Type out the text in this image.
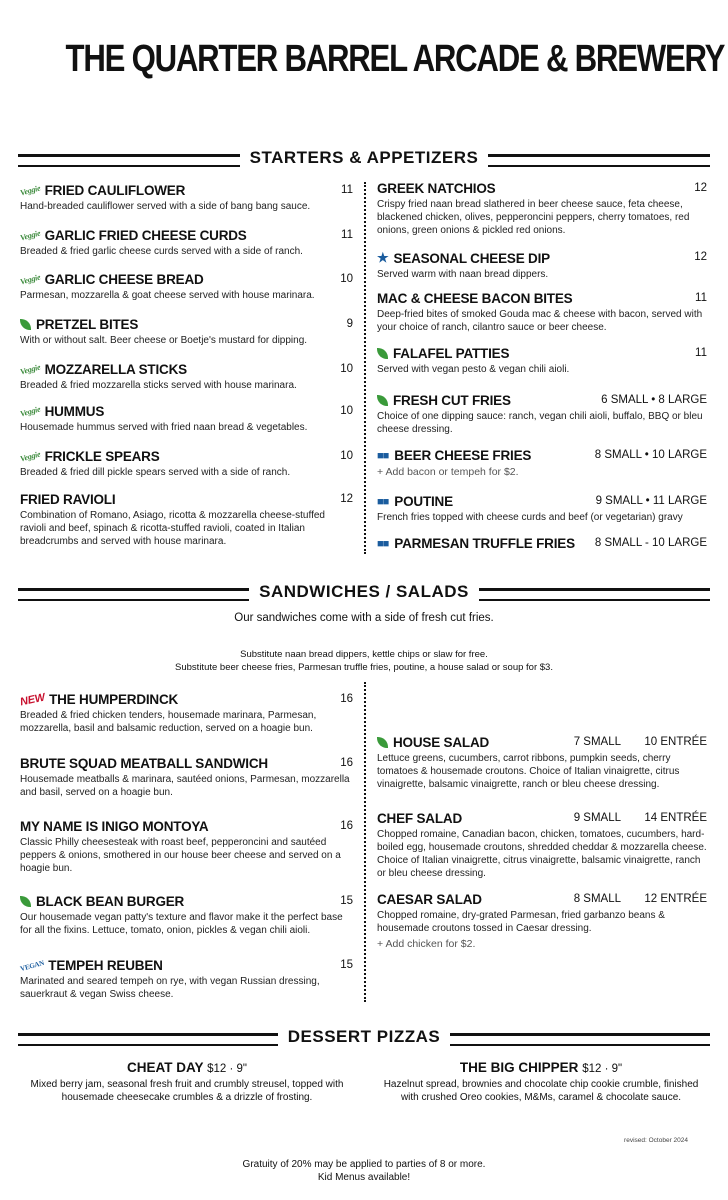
THE QUARTER BARREL ARCADE & BREWERY
STARTERS & APPETIZERS
Veggie FRIED CAULIFLOWER	11
Hand-breaded cauliflower served with a side of bang bang sauce.
Veggie GARLIC FRIED CHEESE CURDS	11
Breaded & fried garlic cheese curds served with a side of ranch.
Veggie GARLIC CHEESE BREAD	10
Parmesan, mozzarella & goat cheese served with house marinara.
PRETZEL BITES	9
With or without salt. Beer cheese or Boetje's mustard for dipping.
Veggie MOZZARELLA STICKS	10
Breaded & fried mozzarella sticks served with house marinara.
Veggie HUMMUS	10
Housemade hummus served with fried naan bread & vegetables.
Veggie FRICKLE SPEARS	10
Breaded & fried dill pickle spears served with a side of ranch.
FRIED RAVIOLI	12
Combination of Romano, Asiago, ricotta & mozzarella cheese-stuffed ravioli and beef, spinach & ricotta-stuffed ravioli, coated in Italian breadcrumbs and served with house marinara.
GREEK NATCHIOS	12
Crispy fried naan bread slathered in beer cheese sauce, feta cheese, blackened chicken, olives, pepperoncini peppers, cherry tomatoes, red onions, green onions & pickled red onions.
★ SEASONAL CHEESE DIP	12
Served warm with naan bread dippers.
MAC & CHEESE BACON BITES	11
Deep-fried bites of smoked Gouda mac & cheese with bacon, served with your choice of ranch, cilantro sauce or beer cheese.
FALAFEL PATTIES	11
Served with vegan pesto & vegan chili aioli.
FRESH CUT FRIES	6 SMALL • 8 LARGE
Choice of one dipping sauce: ranch, vegan chili aioli, buffalo, BBQ or bleu cheese dressing.
■■ BEER CHEESE FRIES	8 SMALL • 10 LARGE
+ Add bacon or tempeh for $2.
■■ POUTINE	9 SMALL • 11 LARGE
French fries topped with cheese curds and beef (or vegetarian) gravy
■■ PARMESAN TRUFFLE FRIES 8 SMALL - 10 LARGE
SANDWICHES / SALADS
Our sandwiches come with a side of fresh cut fries.
Substitute naan bread dippers, kettle chips or slaw for free.
Substitute beer cheese fries, Parmesan truffle fries, poutine, a house salad or soup for $3.
NEW THE HUMPERDINCK	16
Breaded & fried chicken tenders, housemade marinara, Parmesan, mozzarella, basil and balsamic reduction, served on a hoagie bun.
BRUTE SQUAD MEATBALL SANDWICH	16
Housemade meatballs & marinara, sautéed onions, Parmesan, mozzarella and basil, served on a hoagie bun.
MY NAME IS INIGO MONTOYA	16
Classic Philly cheesesteak with roast beef, pepperoncini and sautéed peppers & onions, smothered in our house beer cheese and served on a hoagie bun.
BLACK BEAN BURGER	15
Our housemade vegan patty's texture and flavor make it the perfect base for all the fixins. Lettuce, tomato, onion, pickles & vegan chili aioli.
VEGAN TEMPEH REUBEN	15
Marinated and seared tempeh on rye, with vegan Russian dressing, sauerkraut & vegan Swiss cheese.
HOUSE SALAD	7 SMALL 10 ENTRÉE
Lettuce greens, cucumbers, carrot ribbons, pumpkin seeds, cherry tomatoes & housemade croutons. Choice of Italian vinaigrette, citrus vinaigrette, balsamic vinaigrette, ranch or bleu cheese dressing.
CHEF SALAD	9 SMALL 14 ENTRÉE
Chopped romaine, Canadian bacon, chicken, tomatoes, cucumbers, hard-boiled egg, housemade croutons, shredded cheddar & mozzarella cheese. Choice of Italian vinaigrette, citrus vinaigrette, balsamic vinaigrette, ranch or bleu cheese dressing.
CAESAR SALAD	8 SMALL 12 ENTRÉE
Chopped romaine, dry-grated Parmesan, fried garbanzo beans & housemade croutons tossed in Caesar dressing.
+ Add chicken for $2.
DESSERT PIZZAS
CHEAT DAY $12 · 9"
Mixed berry jam, seasonal fresh fruit and crumbly streusel, topped with housemade cheesecake crumbles & a drizzle of frosting.
THE BIG CHIPPER $12 · 9"
Hazelnut spread, brownies and chocolate chip cookie crumble, finished with crushed Oreo cookies, M&Ms, caramel & chocolate sauce.
revised: October 2024
Gratuity of 20% may be applied to parties of 8 or more.
Kid Menus available!
